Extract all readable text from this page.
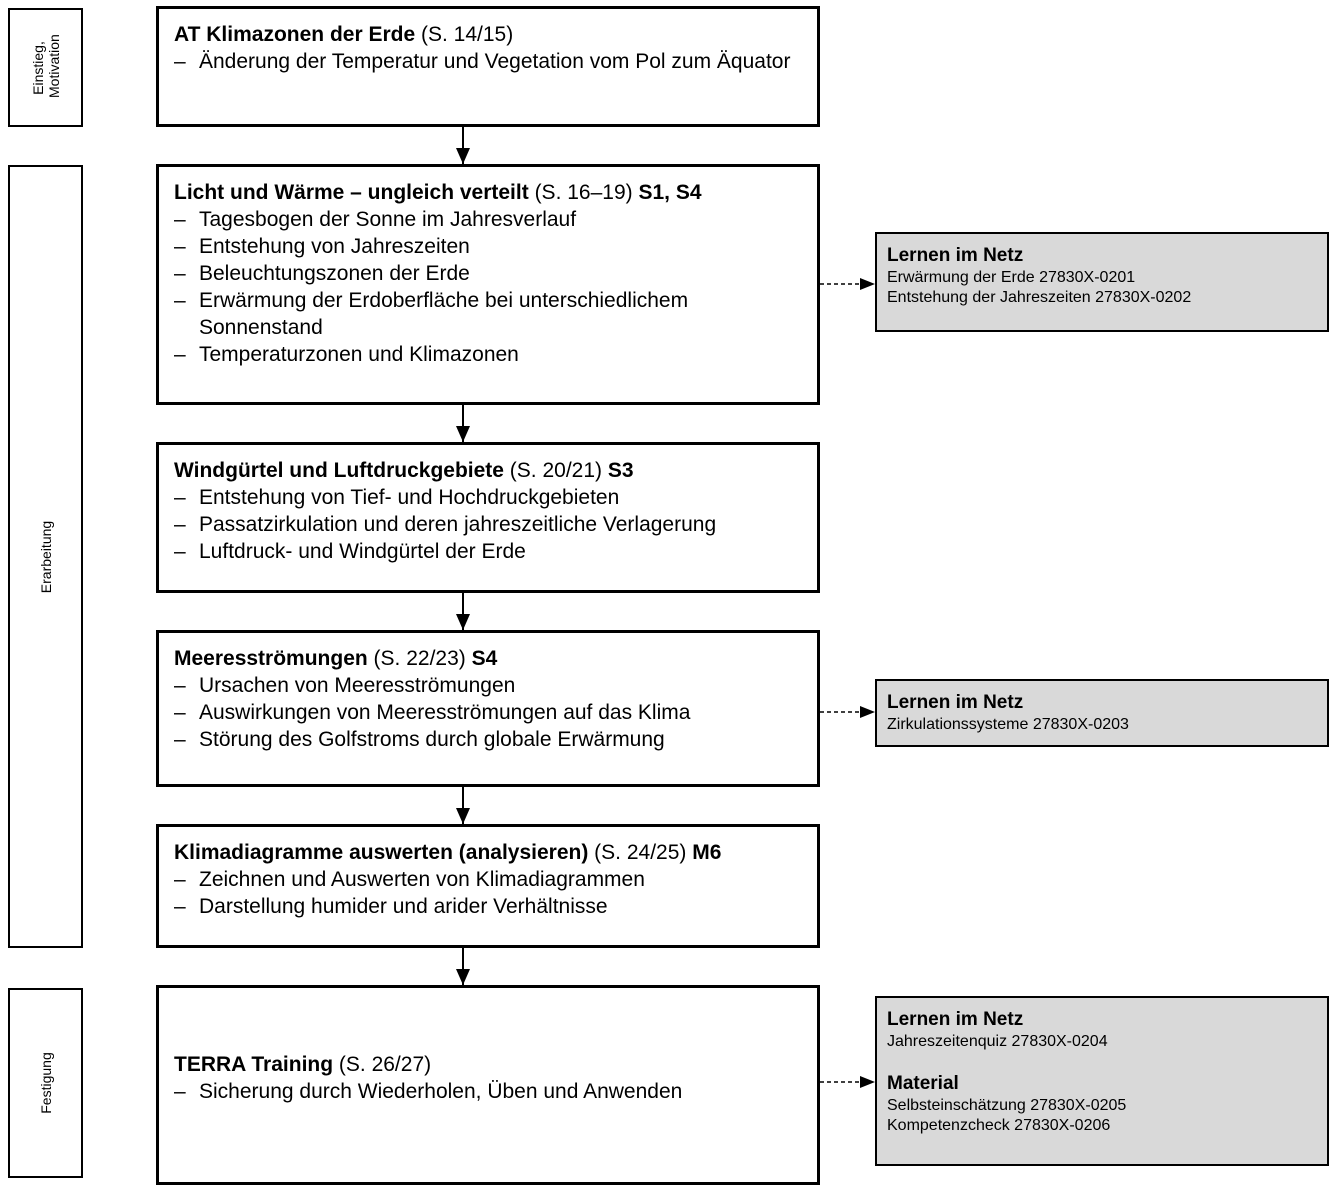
Einstieg, Motivation
Erarbeitung
Festigung
AT Klimazonen der Erde (S. 14/15)
– Änderung der Temperatur und Vegetation vom Pol zum Äquator
Licht und Wärme – ungleich verteilt (S. 16–19) S1, S4
– Tagesbogen der Sonne im Jahresverlauf
– Entstehung von Jahreszeiten
– Beleuchtungszonen der Erde
– Erwärmung der Erdoberfläche bei unterschiedlichem Sonnenstand
– Temperaturzonen und Klimazonen
Windgürtel und Luftdruckgebiete (S. 20/21) S3
– Entstehung von Tief- und Hochdruckgebieten
– Passatzirkulation und deren jahreszeitliche Verlagerung
– Luftdruck- und Windgürtel der Erde
Meeresströmungen (S. 22/23) S4
– Ursachen von Meeresströmungen
– Auswirkungen von Meeresströmungen auf das Klima
– Störung des Golfstroms durch globale Erwärmung
Klimadiagramme auswerten (analysieren) (S. 24/25) M6
– Zeichnen und Auswerten von Klimadiagrammen
– Darstellung humider und arider Verhältnisse
TERRA Training (S. 26/27)
– Sicherung durch Wiederholen, Üben und Anwenden
Lernen im Netz
Erwärmung der Erde 27830X-0201
Entstehung der Jahreszeiten 27830X-0202
Lernen im Netz
Zirkulationssysteme 27830X-0203
Lernen im Netz
Jahreszeitenquiz 27830X-0204
Material
Selbsteinschätzung 27830X-0205
Kompetenzcheck 27830X-0206
